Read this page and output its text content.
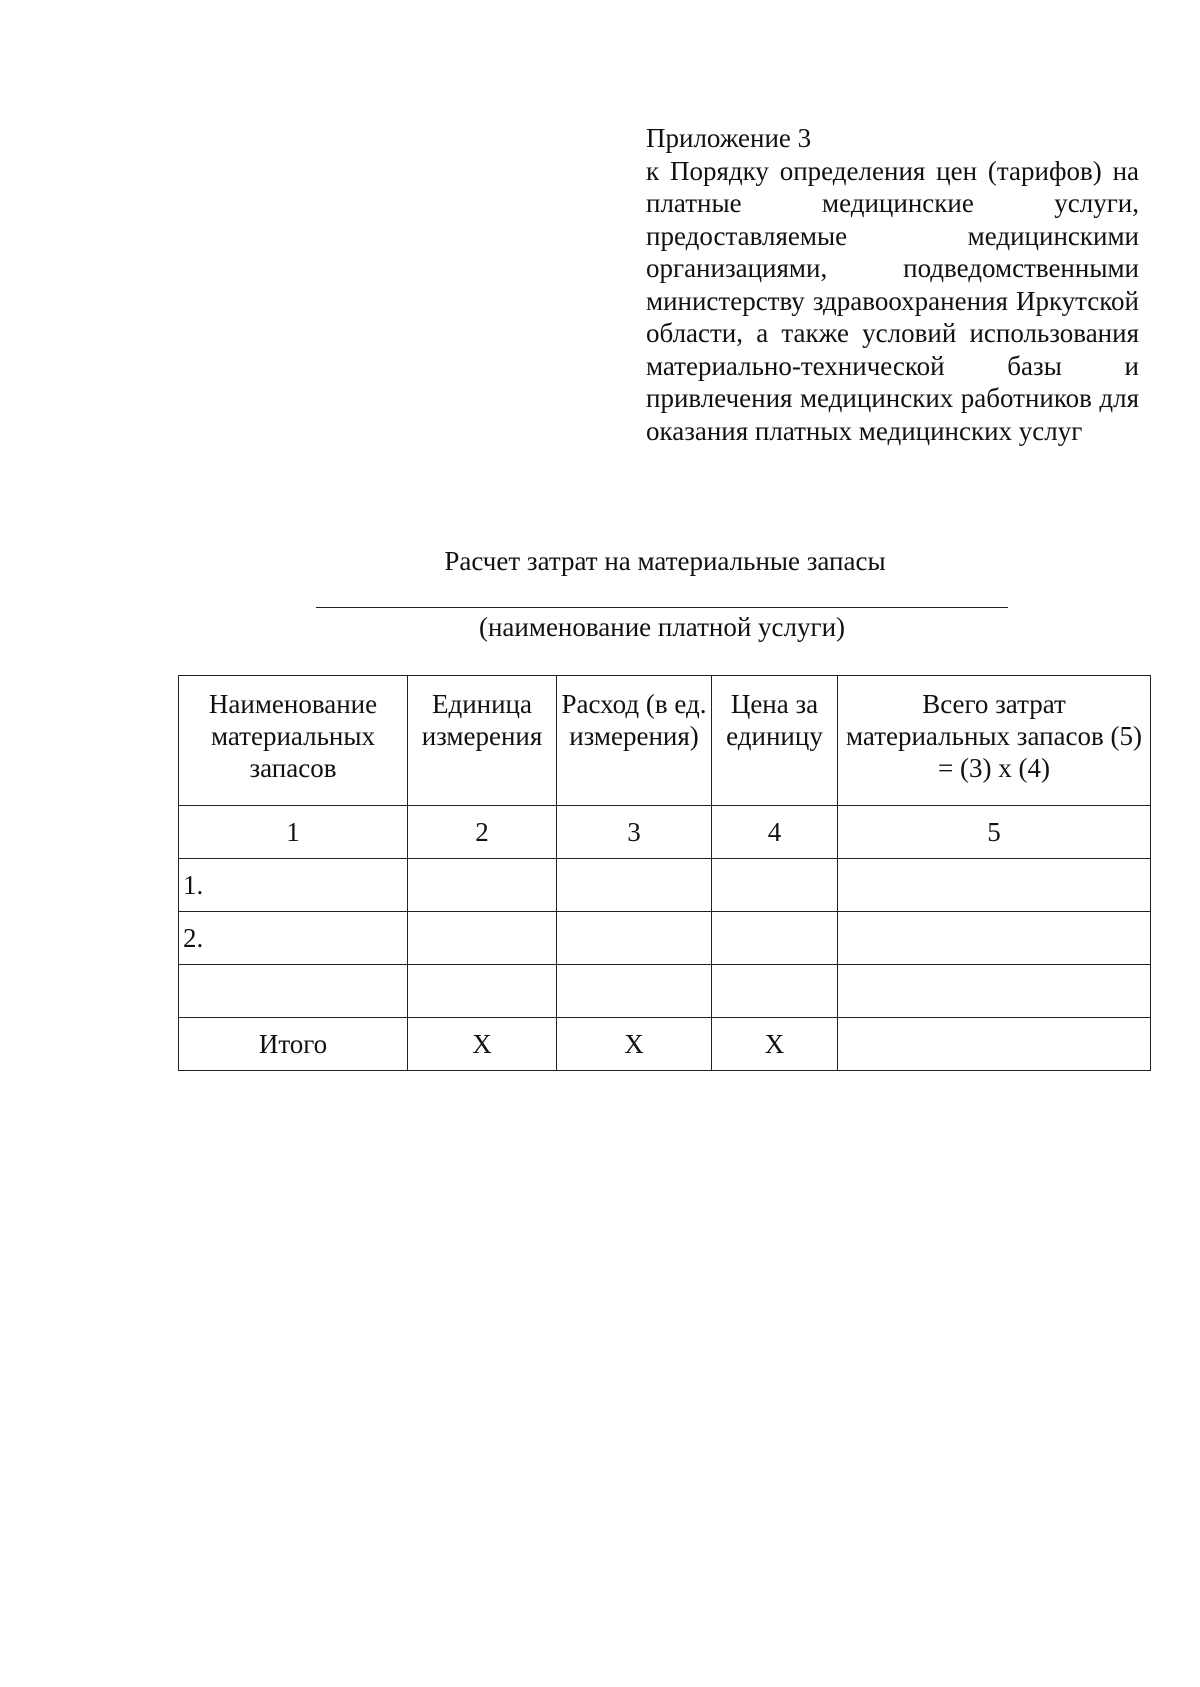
Приложение 3
к Порядку определения цен (тарифов) на платные медицинские услуги, предоставляемые медицинскими организациями, подведомственными министерству здравоохранения Иркутской области, а также условий использования материально-технической базы и привлечения медицинских работников для оказания платных медицинских услуг
Расчет затрат на материальные запасы
(наименование платной услуги)
Наименование материальных запасов	Единица измерения	Расход (в ед. измерения)	Цена за единицу	Всего затрат материальных запасов (5) = (3) x (4)
1	2	3	4	5
1.				
2.				

Итого	X	X	X	
